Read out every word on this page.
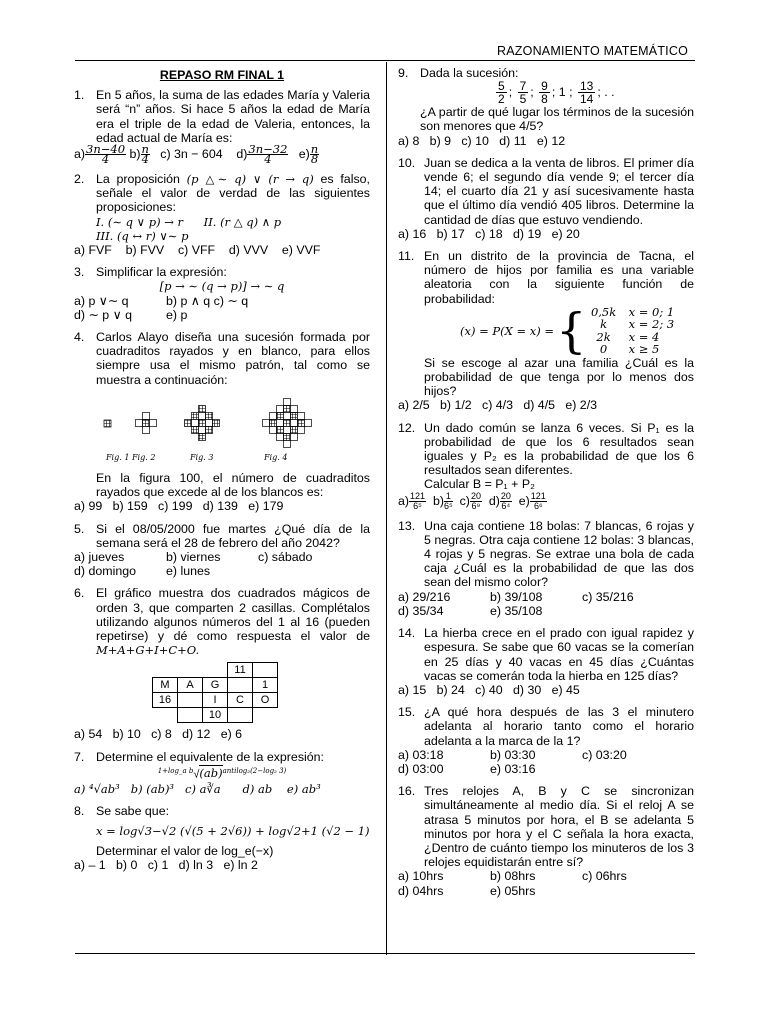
RAZONAMIENTO MATEMÁTICO
REPASO RM FINAL 1
1. En 5 años, la suma de las edades María y Valeria será “n” años. Si hace 5 años la edad de María era el triple de la edad de Valeria, entonces, la edad actual de María es:
$a) \frac{3n-40}{4} b) \frac{n}{4} c$) 3n − 604 $d) \frac{3n-32}{4} e) \frac{n}{8}$
2. La proposición (p △∼ q) ∨ (r → q) es falso, señale el valor de verdad de las siguientes proposiciones:
I. (∼ q ∨ p) → r II. (r △ q) ∧ p
III. (q ↔ r) ∨∼ p
a) FVF    b) FVV    c) VFF    d) VVV    e) VVF
3. Simplificar la expresión:
[p → ∼ (q → p)] → ∼ q
a) p ∨∼ q	b) p ∧ q c) ∼ q
d) ∼ p ∨ q	e) p
4. Carlos Alayo diseña una sucesión formada por cuadraditos rayados y en blanco, para ellos siempre usa el mismo patrón, tal como se muestra a continuación:
Fig. 1 Fig. 2	Fig. 3	Fig. 4
En la figura 100, el número de cuadraditos rayados que excede al de los blancos es:
a) 99   b) 159   c) 199   d) 139   e) 179
5. Si el 08/05/2000 fue martes ¿Qué día de la semana será el 28 de febrero del año 2042?
a) jueves	b) viernes	c) sábado
d) domingo e) lunes
6. El gráfico muestra dos cuadrados mágicos de orden 3, que comparten 2 casillas. Complétalos utilizando algunos números del 1 al 16 (pueden repetirse) y dé como respuesta el valor de M+A+G+I+C+O.
			11	
M	A	G		1
16		I	C	O
		10		
a) 54   b) 10   c) 8   d) 12   e) 6
7. Determine el equivalente de la expresión:
$^{1+log\_a b}$√(ab)$^{antilog_2(2-log_2 3)}$
a) ⁴√ab³   b) (ab)³   c) a∛a      d) ab    e) ab³
8. Se sabe que:
x = log√3−√2 (√(5 + 2√6)) + log√2+1 (√2 − 1)
Determinar el valor de log_e(−x)
a) – 1   b) 0   c) 1   d) ln 3   e) ln 2
9. Dada la sucesión:
$\frac{5}{2}$ ; $\frac{7}{5}$ ; $\frac{9}{8}$ ; 1 ; $\frac{13}{14}$ ; . .
¿A partir de qué lugar los términos de la sucesión son menores que 4/5?
a) 8   b) 9   c) 10   d) 11   e) 12
10. Juan se dedica a la venta de libros. El primer día vende 6; el segundo día vende 9; el tercer día 14; el cuarto día 21 y así sucesivamente hasta que el último día vendió 405 libros. Determine la cantidad de días que estuvo vendiendo.
a) 16   b) 17   c) 18   d) 19   e) 20
11. En un distrito de la provincia de Tacna, el número de hijos por familia es una variable aleatoria con la siguiente función de probabilidad:
(x) = P(X = x) = { 0,5k x = 0; 1
k	x = 2; 3
2k	x = 4
0	x ≥ 5
Si se escoge al azar una familia ¿Cuál es la probabilidad de que tenga por lo menos dos hijos?
a) 2/5   b) 1/2   c) 4/3   d) 4/5   e) 2/3
12. Un dado común se lanza 6 veces. Si P₁ es la probabilidad de que los 6 resultados sean iguales y P₂ es la probabilidad de que los 6 resultados sean diferentes.
Calcular B = P₁ + P₂
$a) \frac{121}{\text{6⁵}} b) \frac{1}{\text{6⁵}} c) \frac{20}{\text{6⁹}} d) \frac{20}{\text{6⁴}} e) \frac{121}{\text{6⁶}}$
13. Una caja contiene 18 bolas: 7 blancas, 6 rojas y 5 negras. Otra caja contiene 12 bolas: 3 blancas, 4 rojas y 5 negras. Se extrae una bola de cada caja ¿Cuál es la probabilidad de que las dos sean del mismo color?
a) 29/216	b) 39/108	c) 35/216
d) 35/34	e) 35/108
14. La hierba crece en el prado con igual rapidez y espesura. Se sabe que 60 vacas se la comerían en 25 días y 40 vacas en 45 días ¿Cuántas vacas se comerán toda la hierba en 125 días?
a) 15   b) 24   c) 40   d) 30   e) 45
15. ¿A qué hora después de las 3 el minutero adelanta al horario tanto como el horario adelanta a la marca de la 1?
a) 03:18	b) 03:30	c) 03:20
d) 03:00	e) 03:16
16. Tres relojes A, B y C se sincronizan simultáneamente al medio día. Si el reloj A se atrasa 5 minutos por hora, el B se adelanta 5 minutos por hora y el C señala la hora exacta, ¿Dentro de cuánto tiempo los minuteros de los 3 relojes equidistarán entre sí?
a) 10hrs	b) 08hrs	c) 06hrs
d) 04hrs	e) 05hrs
